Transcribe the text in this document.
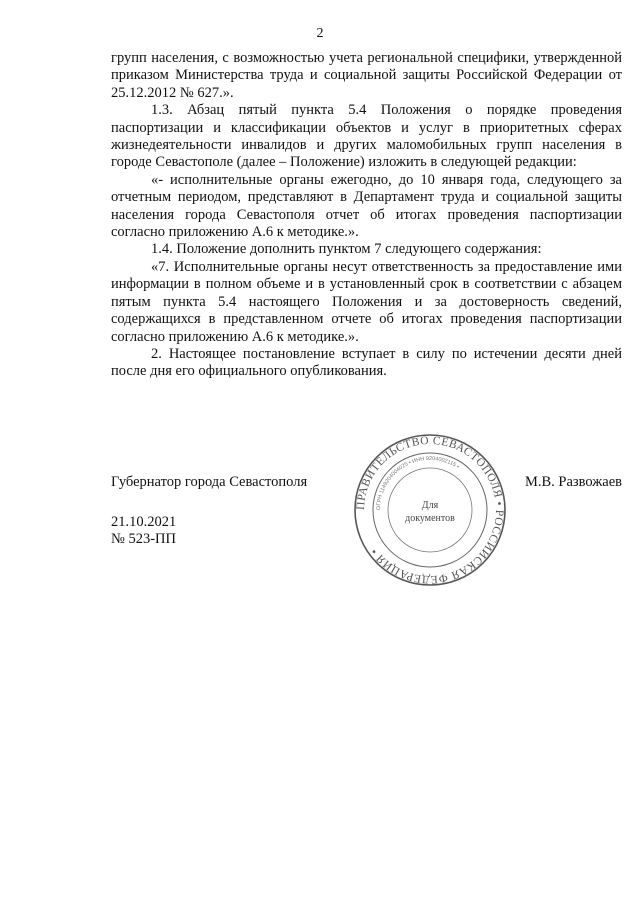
2

групп населения, с возможностью учета региональной специфики, утвержденной приказом Министерства труда и социальной защиты Российской Федерации от 25.12.2012 № 627.».

1.3. Абзац пятый пункта 5.4 Положения о порядке проведения паспортизации и классификации объектов и услуг в приоритетных сферах жизнедеятельности инвалидов и других маломобильных групп населения в городе Севастополе (далее – Положение) изложить в следующей редакции:

«- исполнительные органы ежегодно, до 10 января года, следующего за отчетным периодом, представляют в Департамент труда и социальной защиты населения города Севастополя отчет об итогах проведения паспортизации согласно приложению А.6 к методике.».

1.4. Положение дополнить пунктом 7 следующего содержания:

«7. Исполнительные органы несут ответственность за предоставление ими информации в полном объеме и в установленный срок в соответствии с абзацем пятым пункта 5.4 настоящего Положения и за достоверность сведений, содержащихся в представленном отчете об итогах проведения паспортизации согласно приложению А.6 к методике.».

2. Настоящее постановление вступает в силу по истечении десяти дней после дня его официального опубликования.

Губернатор города Севастополя	М.В. Развожаев
ПРАВИТЕЛЬСТВО СЕВАСТОПОЛЯ • РОССИЙСКАЯ ФЕДЕРАЦИЯ •
ОГРН 1149204004025 • ИНН 9204002115 •
Для
документов
21.10.2021
№ 523-ПП
